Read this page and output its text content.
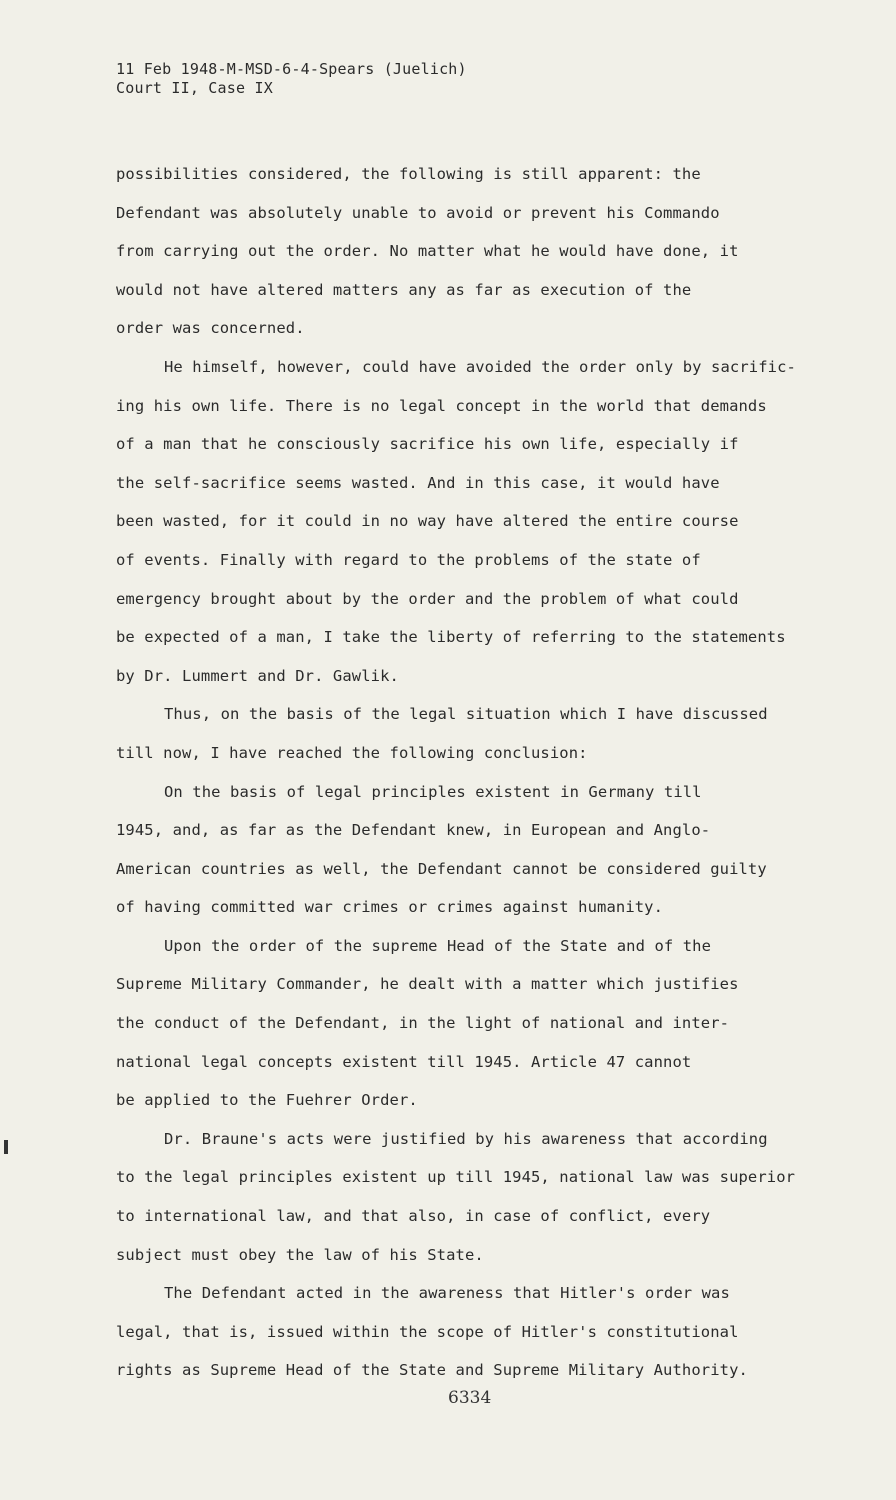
11 Feb 1948-M-MSD-6-4-Spears (Juelich)
Court II, Case IX
possibilities considered, the following is still apparent: the
Defendant was absolutely unable to avoid or prevent his Commando
from carrying out the order. No matter what he would have done, it
would not have altered matters any as far as execution of the
order was concerned.
He himself, however, could have avoided the order only by sacrific-
ing his own life. There is no legal concept in the world that demands
of a man that he consciously sacrifice his own life, especially if
the self-sacrifice seems wasted. And in this case, it would have
been wasted, for it could in no way have altered the entire course
of events. Finally with regard to the problems of the state of
emergency brought about by the order and the problem of what could
be expected of a man, I take the liberty of referring to the statements
by Dr. Lummert and Dr. Gawlik.
Thus, on the basis of the legal situation which I have discussed
till now, I have reached the following conclusion:
On the basis of legal principles existent in Germany till
1945, and, as far as the Defendant knew, in European and Anglo-
American countries as well, the Defendant cannot be considered guilty
of having committed war crimes or crimes against humanity.
Upon the order of the supreme Head of the State and of the
Supreme Military Commander, he dealt with a matter which justifies
the conduct of the Defendant, in the light of national and inter-
national legal concepts existent till 1945. Article 47 cannot
be applied to the Fuehrer Order.
Dr. Braune's acts were justified by his awareness that according
to the legal principles existent up till 1945, national law was superior
to international law, and that also, in case of conflict, every
subject must obey the law of his State.
The Defendant acted in the awareness that Hitler's order was
legal, that is, issued within the scope of Hitler's constitutional
rights as Supreme Head of the State and Supreme Military Authority.
6334
